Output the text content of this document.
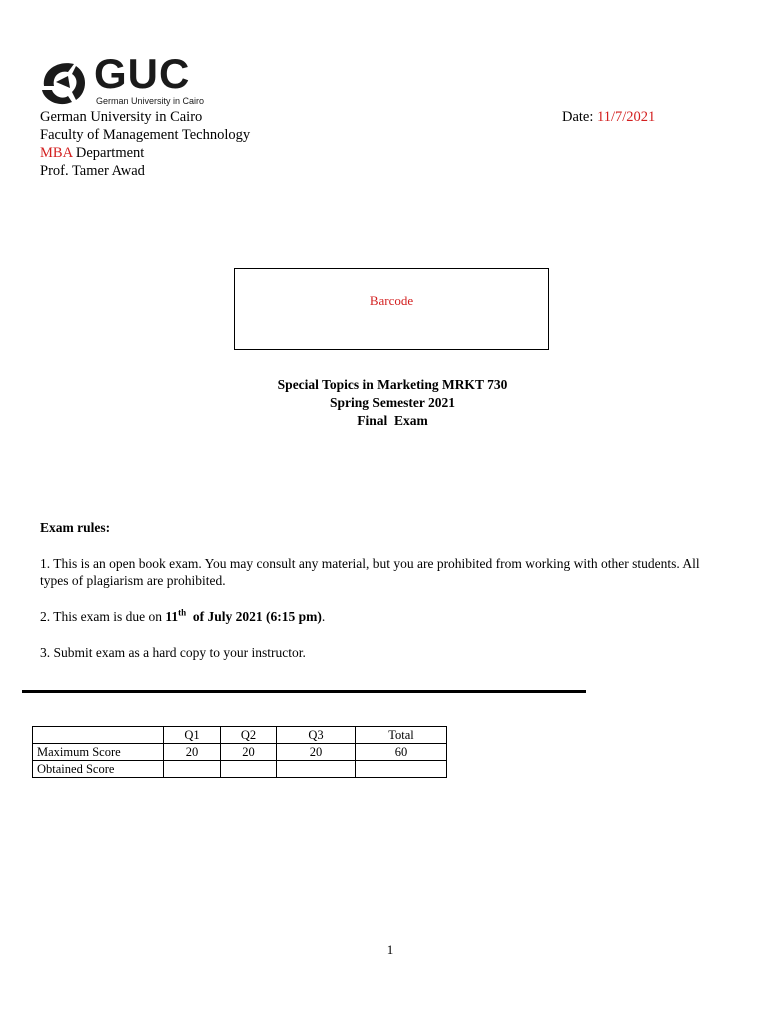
GUC
German University in Cairo
German University in Cairo
Faculty of Management Technology
MBA Department
Prof. Tamer Awad
Date: 11/7/2021
Barcode
Special Topics in Marketing MRKT 730
Spring Semester 2021
Final  Exam
Exam rules:
1. This is an open book exam. You may consult any material, but you are prohibited from working with other students. All types of plagiarism are prohibited.
2. This exam is due on 11th  of July 2021 (6:15 pm).
3. Submit exam as a hard copy to your instructor.
	Q1	Q2	Q3	Total
Maximum Score	20	20	20	60
Obtained Score				
1
